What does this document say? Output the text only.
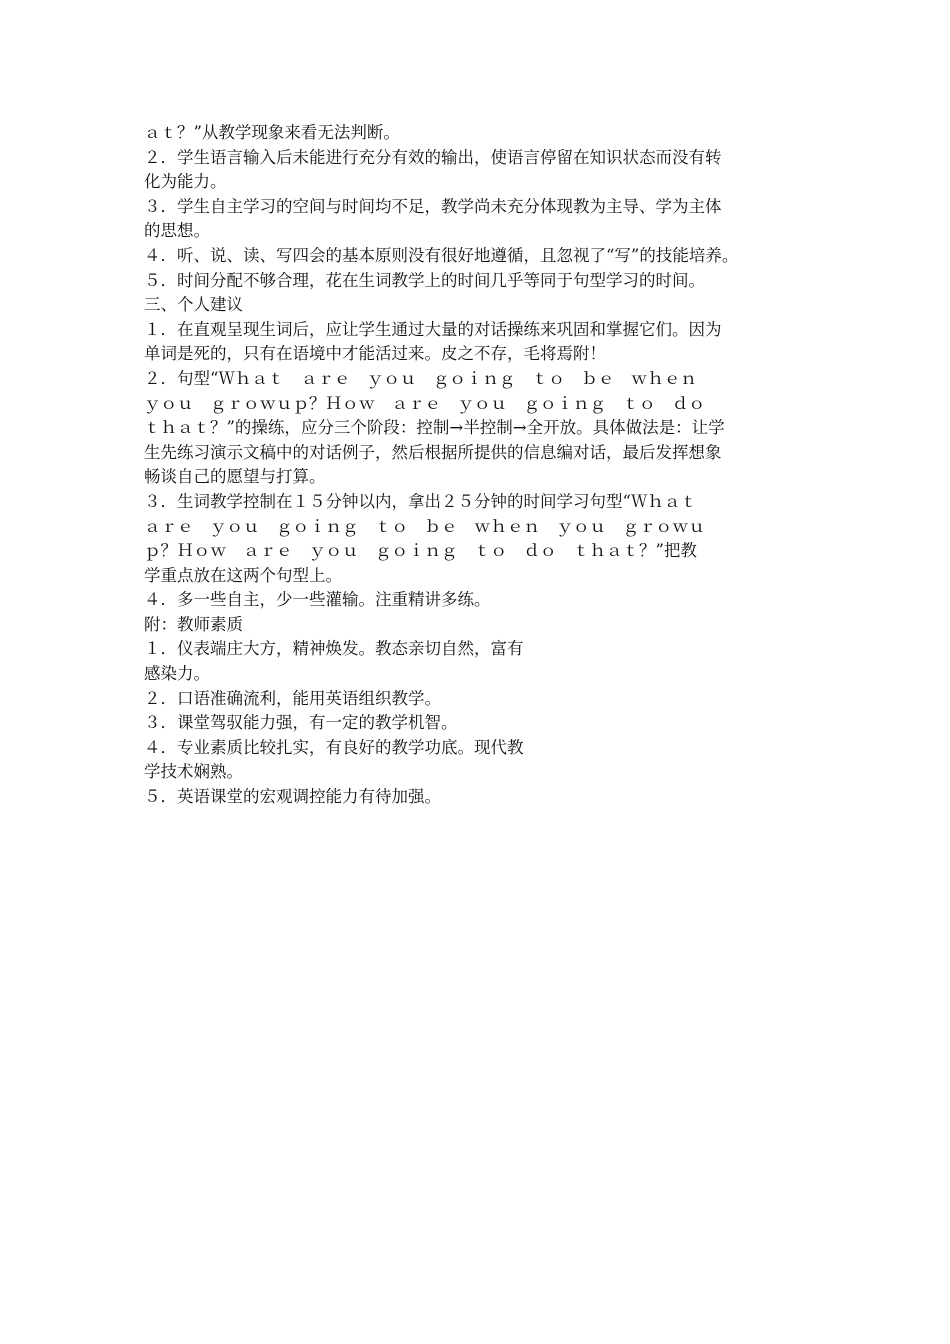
ａｔ？”从教学现象来看无法判断。
２．学生语言输入后未能进行充分有效的输出，使语言停留在知识状态而没有转
化为能力。
３．学生自主学习的空间与时间均不足，教学尚未充分体现教为主导、学为主体
的思想。
４．听、说、读、写四会的基本原则没有很好地遵循，且忽视了“写”的技能培养。
５．时间分配不够合理，花在生词教学上的时间几乎等同于句型学习的时间。
三、个人建议
１．在直观呈现生词后，应让学生通过大量的对话操练来巩固和掌握它们。因为
单词是死的，只有在语境中才能活过来。皮之不存，毛将焉附！
２．句型“Ｗｈａｔ　ａｒｅ　ｙｏｕ　ｇｏｉｎｇ　ｔｏ　ｂｅ　ｗｈｅｎ
ｙｏｕ　ｇｒｏｗｕｐ？Ｈｏｗ　ａｒｅ　ｙｏｕ　ｇｏｉｎｇ　ｔｏ　ｄｏ
ｔｈａｔ？”的操练，应分三个阶段：控制→半控制→全开放。具体做法是：让学
生先练习演示文稿中的对话例子，然后根据所提供的信息编对话，最后发挥想象
畅谈自己的愿望与打算。
３．生词教学控制在１５分钟以内，拿出２５分钟的时间学习句型“Ｗｈａｔ
ａｒｅ　ｙｏｕ　ｇｏｉｎｇ　ｔｏ　ｂｅ　ｗｈｅｎ　ｙｏｕ　ｇｒｏｗｕ
ｐ？Ｈｏｗ　ａｒｅ　ｙｏｕ　ｇｏｉｎｇ　ｔｏ　ｄｏ　ｔｈａｔ？”把教
学重点放在这两个句型上。
４．多一些自主，少一些灌输。注重精讲多练。
附：教师素质
１．仪表端庄大方，精神焕发。教态亲切自然，富有
感染力。
２．口语准确流利，能用英语组织教学。
３．课堂驾驭能力强，有一定的教学机智。
４．专业素质比较扎实，有良好的教学功底。现代教
学技术娴熟。
５．英语课堂的宏观调控能力有待加强。
